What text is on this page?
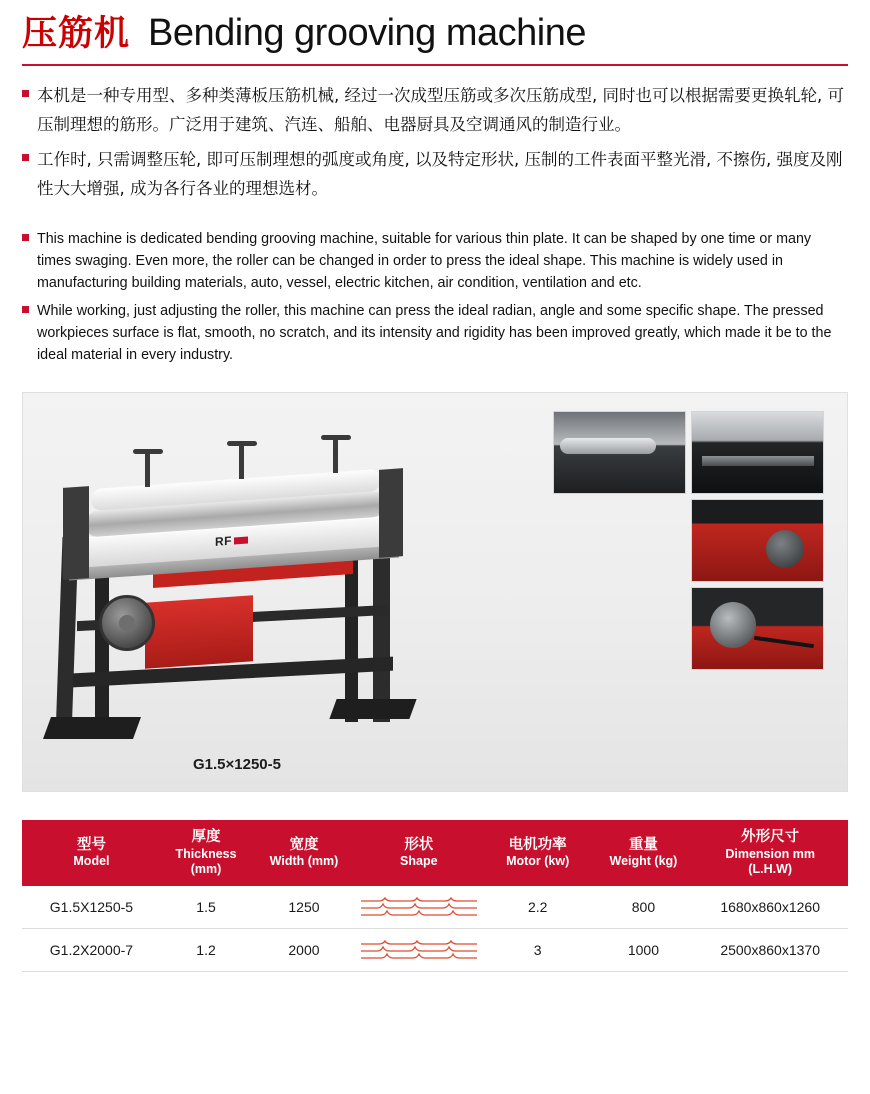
压筋机 Bending grooving machine
本机是一种专用型、多种类薄板压筋机械, 经过一次成型压筋或多次压筋成型, 同时也可以根据需要更换轧轮, 可压制理想的筋形。广泛用于建筑、汽连、船舶、电器厨具及空调通风的制造行业。
工作时, 只需调整压轮, 即可压制理想的弧度或角度, 以及特定形状, 压制的工件表面平整光滑, 不擦伤, 强度及刚性大大增强, 成为各行各业的理想选材。
This machine is dedicated bending grooving machine, suitable for various thin plate. It can be shaped by one time or many times swaging. Even more, the roller can be changed in order to press the ideal shape. This machine is widely used in manufacturing building materials, auto, vessel, electric kitchen, air condition, ventilation and etc.
While working, just adjusting the roller, this machine can press the ideal radian, angle and some specific shape. The pressed workpieces surface is flat, smooth, no scratch, and its intensity and rigidity has been improved greatly, which made it be to the ideal material in every industry.
RF
G1.5×1250-5
型号
Model	厚度
Thickness
(mm)	宽度
Width (mm)	形状
Shape	电机功率
Motor (kw)	重量
Weight (kg)	外形尺寸
Dimension mm
(L.H.W)

G1.5X1250-5	1.5	1250		2.2	800	1680x860x1260
G1.2X2000-7	1.2	2000		3	1000	2500x860x1370
